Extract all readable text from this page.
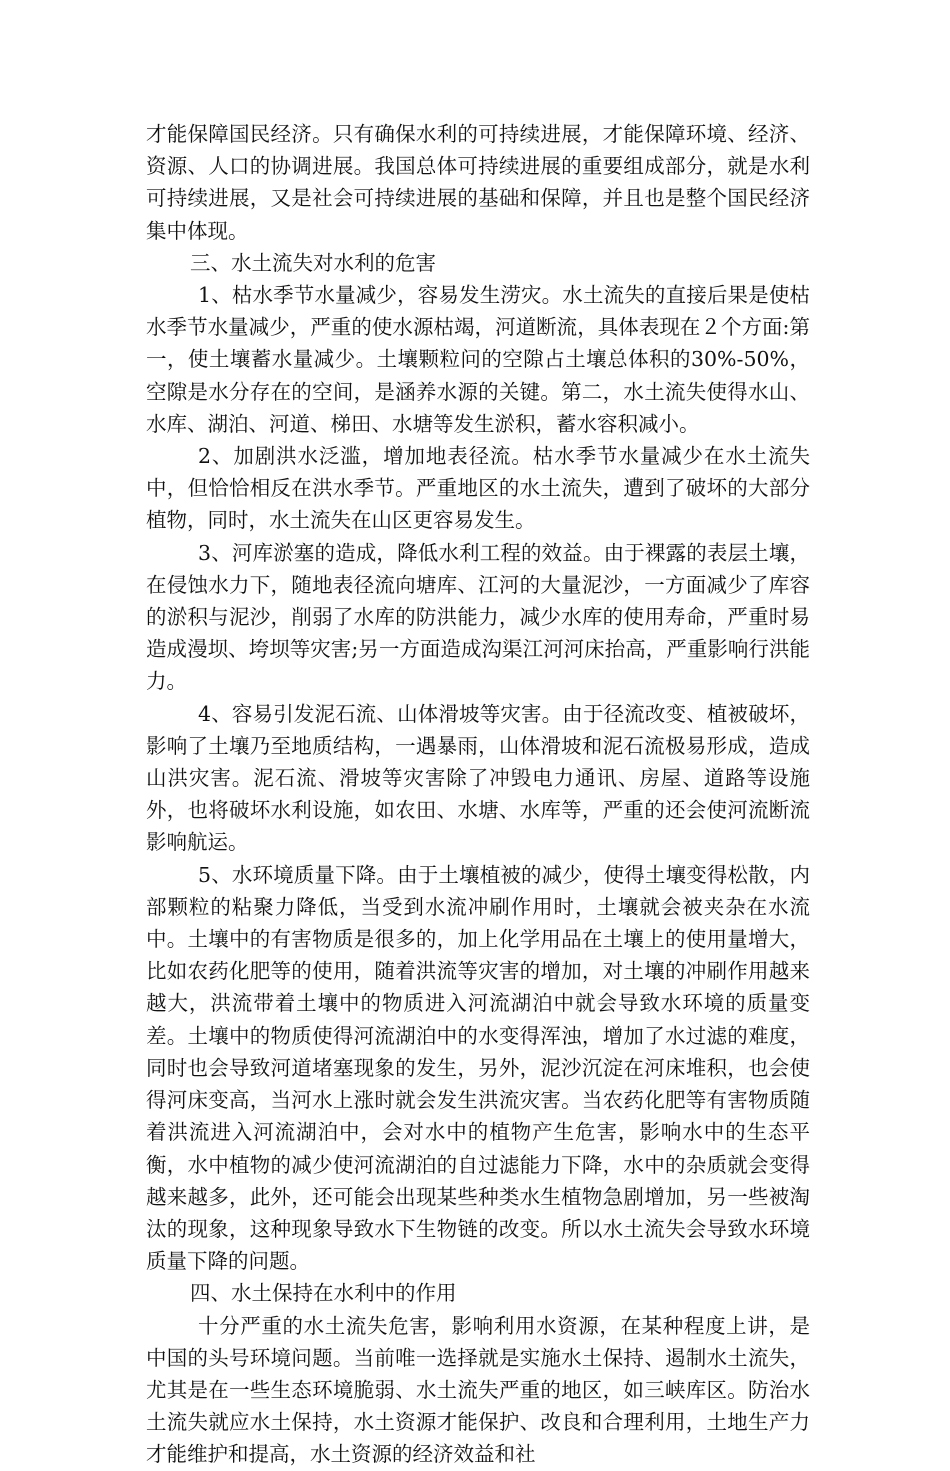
才能保障国民经济。只有确保水利的可持续进展，才能保障环境、经济、资源、人口的协调进展。我国总体可持续进展的重要组成部分，就是水利可持续进展，又是社会可持续进展的基础和保障，并且也是整个国民经济集中体现。

三、水土流失对水利的危害

1、枯水季节水量减少，容易发生涝灾。水土流失的直接后果是使枯水季节水量减少，严重的使水源枯竭，河道断流，具体表现在２个方面:第一，使土壤蓄水量减少。土壤颗粒问的空隙占土壤总体积的30%-50%，空隙是水分存在的空间，是涵养水源的关键。第二，水土流失使得水山、水库、湖泊、河道、梯田、水塘等发生淤积，蓄水容积减小。

2、加剧洪水泛滥，增加地表径流。枯水季节水量减少在水土流失中，但恰恰相反在洪水季节。严重地区的水土流失，遭到了破坏的大部分植物，同时，水土流失在山区更容易发生。

3、河库淤塞的造成，降低水利工程的效益。由于裸露的表层土壤，在侵蚀水力下，随地表径流向塘库、江河的大量泥沙，一方面减少了库容的淤积与泥沙，削弱了水库的防洪能力，减少水库的使用寿命，严重时易造成漫坝、垮坝等灾害;另一方面造成沟渠江河河床抬高，严重影响行洪能力。

4、容易引发泥石流、山体滑坡等灾害。由于径流改变、植被破坏，影响了土壤乃至地质结构，一遇暴雨，山体滑坡和泥石流极易形成，造成山洪灾害。泥石流、滑坡等灾害除了冲毁电力通讯、房屋、道路等设施外，也将破坏水利设施，如农田、水塘、水库等，严重的还会使河流断流影响航运。

5、水环境质量下降。由于土壤植被的减少，使得土壤变得松散，内部颗粒的粘聚力降低，当受到水流冲刷作用时，土壤就会被夹杂在水流中。土壤中的有害物质是很多的，加上化学用品在土壤上的使用量增大，比如农药化肥等的使用，随着洪流等灾害的增加，对土壤的冲刷作用越来越大，洪流带着土壤中的物质进入河流湖泊中就会导致水环境的质量变差。土壤中的物质使得河流湖泊中的水变得浑浊，增加了水过滤的难度，同时也会导致河道堵塞现象的发生，另外，泥沙沉淀在河床堆积，也会使得河床变高，当河水上涨时就会发生洪流灾害。当农药化肥等有害物质随着洪流进入河流湖泊中，会对水中的植物产生危害，影响水中的生态平衡，水中植物的减少使河流湖泊的自过滤能力下降，水中的杂质就会变得越来越多，此外，还可能会出现某些种类水生植物急剧增加，另一些被淘汰的现象，这种现象导致水下生物链的改变。所以水土流失会导致水环境质量下降的问题。

四、水土保持在水利中的作用

十分严重的水土流失危害，影响利用水资源，在某种程度上讲，是中国的头号环境问题。当前唯一选择就是实施水土保持、遏制水土流失，尤其是在一些生态环境脆弱、水土流失严重的地区，如三峡库区。防治水土流失就应水土保持，水土资源才能保护、改良和合理利用，土地生产力才能维护和提高，水土资源的经济效益和社
